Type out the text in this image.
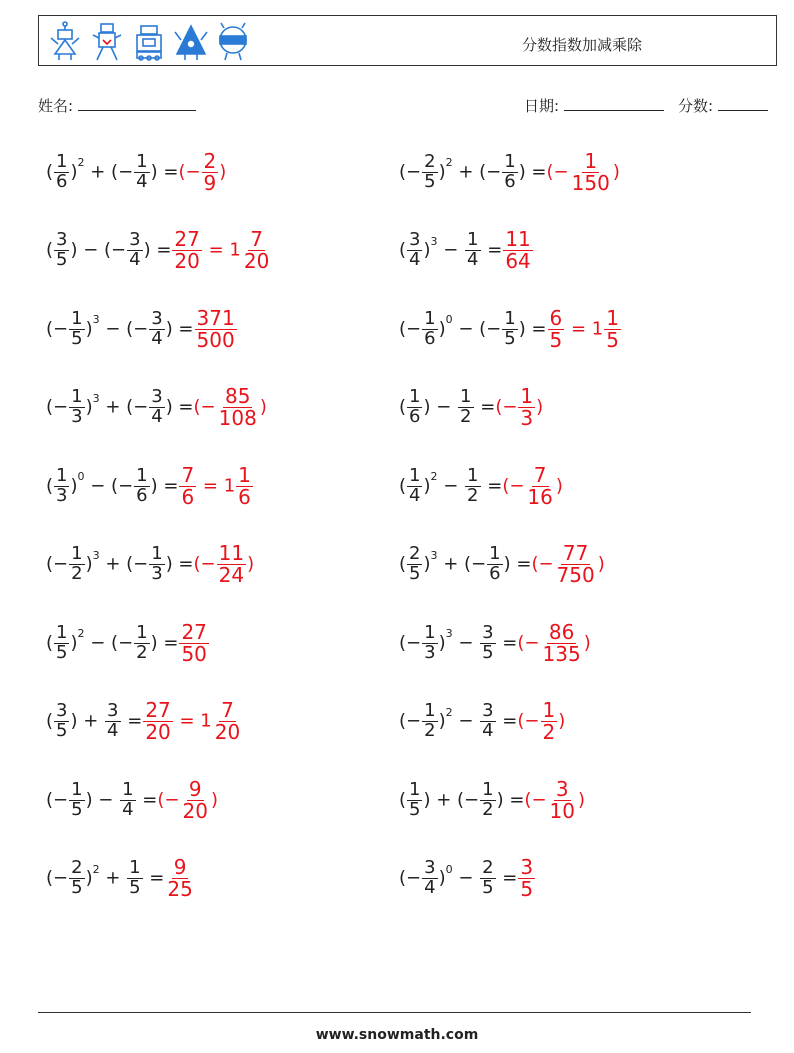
分数指数加减乘除
姓名:	日期:	分数:
( $\frac{1}{6} )^2$ + (− $\frac{1}{4}$ ) = (− $\frac{2}{9}$ )	(− $\frac{2}{5} )^2$ + (− $\frac{1}{6}$ ) = (− $\frac{1}{150}$ )
( $\frac{3}{5}$ ) − (− $\frac{3}{4}$ ) = $\frac{27}{20} = 1 \frac{7}{20}$	( $\frac{3}{4} )^3 - \frac{1}{4} = \frac{11}{64}$
(− $\frac{1}{5} )^3$ − (− $\frac{3}{4}$ ) = $\frac{371}{500}$	(− $\frac{1}{6} )^0$ − (− $\frac{1}{5}$ ) = $\frac{6}{5} = 1 \frac{1}{5}$
(− $\frac{1}{3} )^3$ + (− $\frac{3}{4}$ ) = (− $\frac{85}{108}$ )	( $\frac{1}{6}$ ) − $\frac{1}{2}$ = (− $\frac{1}{3}$ )
( $\frac{1}{3} )^0$ − (− $\frac{1}{6}$ ) = $\frac{7}{6} = 1 \frac{1}{6}$	( $\frac{1}{4} )^2 - \frac{1}{2}$ = (− $\frac{7}{16}$ )
(− $\frac{1}{2} )^3$ + (− $\frac{1}{3}$ ) = (− $\frac{11}{24}$ )	( $\frac{2}{5} )^3$ + (− $\frac{1}{6}$ ) = (− $\frac{77}{750}$ )
( $\frac{1}{5} )^2$ − (− $\frac{1}{2}$ ) = $\frac{27}{50}$	(− $\frac{1}{3} )^3 - \frac{3}{5}$ = (− $\frac{86}{135}$ )
( $\frac{3}{5}$ ) + $\frac{3}{4} = \frac{27}{20} = 1 \frac{7}{20}$	(− $\frac{1}{2} )^2 - \frac{3}{4}$ = (− $\frac{1}{2}$ )
(− $\frac{1}{5}$ ) − $\frac{1}{4}$ = (− $\frac{9}{20}$ )	( $\frac{1}{5}$ ) + (− $\frac{1}{2}$ ) = (− $\frac{3}{10}$ )
(− $\frac{2}{5} )^2 + \frac{1}{5} = \frac{9}{25}$	(− $\frac{3}{4} )^0 - \frac{2}{5} = \frac{3}{5}$
www.snowmath.com
